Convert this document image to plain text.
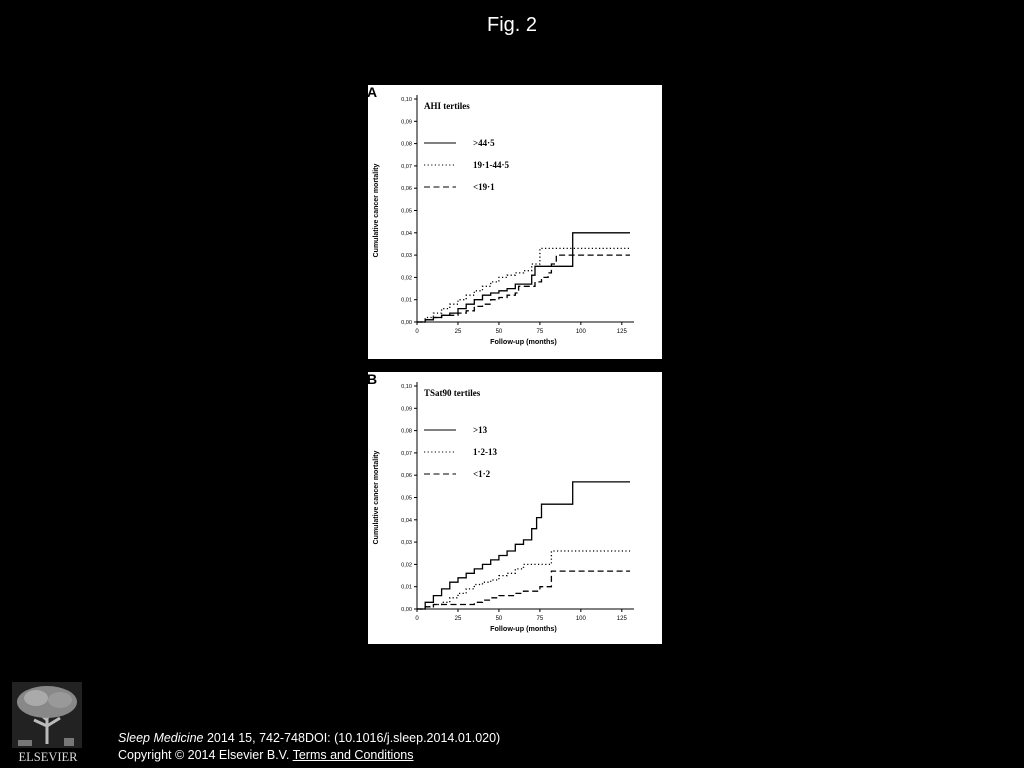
Fig. 2
0,00
0,01
0,02
0,03
0,04
0,05
0,06
0,07
0,08
0,09
0,10
0	25	50	75	100	125
Follow-up (months)
Cumulative cancer mortality
AHI tertiles
>44·5
19·1-44·5
<19·1
A
0,00
0,01
0,02
0,03
0,04
0,05
0,06
0,07
0,08
0,09
0,10
0	25	50	75	100	125
Follow-up (months)
Cumulative cancer mortality
TSat90 tertiles
>13
1·2-13
<1·2
B
ELSEVIER
Sleep Medicine 2014 15, 742-748DOI: (10.1016/j.sleep.2014.01.020)
Copyright © 2014 Elsevier B.V. Terms and Conditions
